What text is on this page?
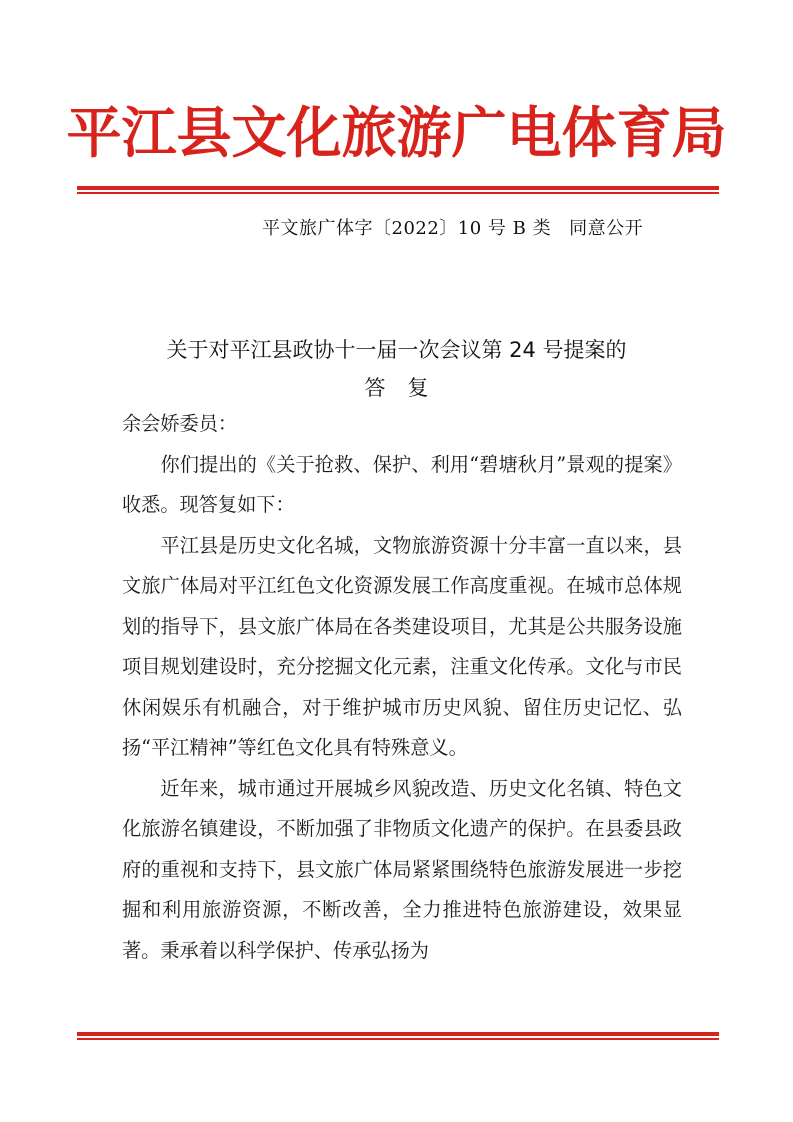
平江县文化旅游广电体育局
平文旅广体字〔2022〕10 号 B 类 同意公开
关于对平江县政协十一届一次会议第 24 号提案的
答复

余会娇委员：

你们提出的《关于抢救、保护、利用“碧塘秋月”景观的提案》收悉。现答复如下：

平江县是历史文化名城，文物旅游资源十分丰富一直以来，县文旅广体局对平江红色文化资源发展工作高度重视。在城市总体规划的指导下，县文旅广体局在各类建设项目，尤其是公共服务设施项目规划建设时，充分挖掘文化元素，注重文化传承。文化与市民休闲娱乐有机融合，对于维护城市历史风貌、留住历史记忆、弘扬“平江精神”等红色文化具有特殊意义。

近年来，城市通过开展城乡风貌改造、历史文化名镇、特色文化旅游名镇建设，不断加强了非物质文化遗产的保护。在县委县政府的重视和支持下，县文旅广体局紧紧围绕特色旅游发展进一步挖掘和利用旅游资源，不断改善，全力推进特色旅游建设，效果显著。秉承着以科学保护、传承弘扬为
